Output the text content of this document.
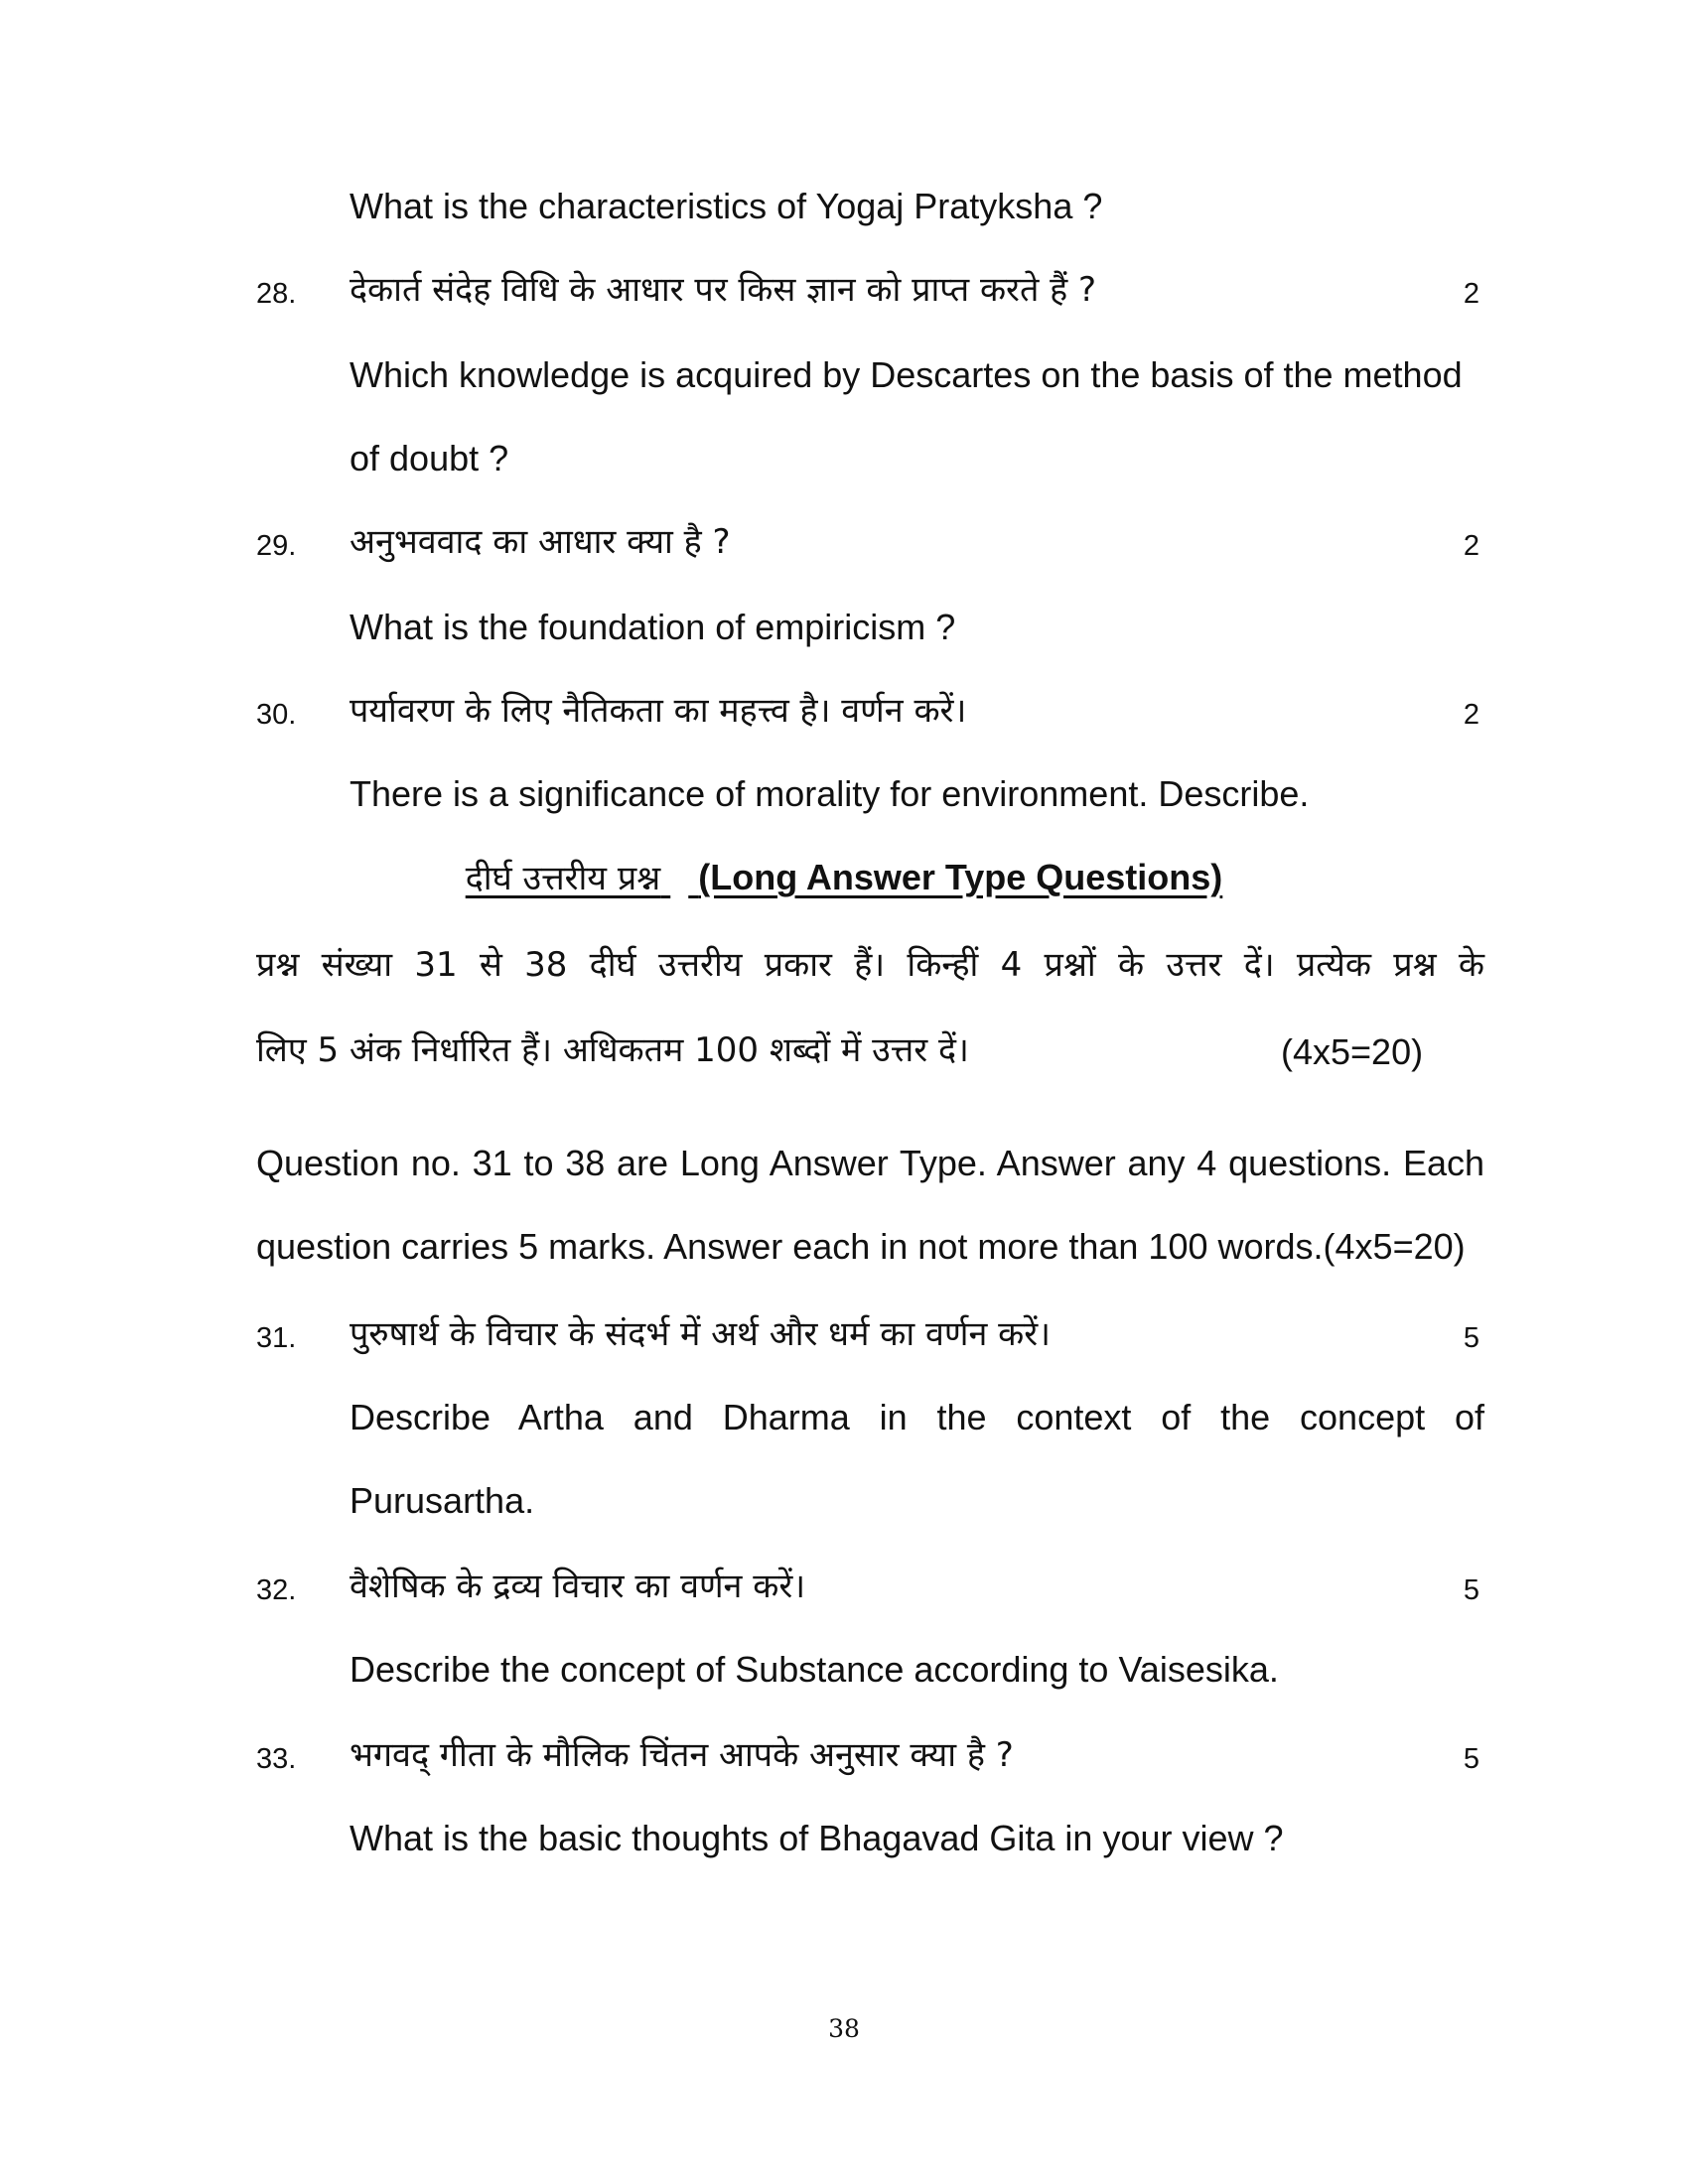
What is the characteristics of Yogaj Pratyksha ?
28. देकार्त संदेह विधि के आधार पर किस ज्ञान को प्राप्त करते हैं ?	2
Which knowledge is acquired by Descartes on the basis of the method
of doubt ?
29. अनुभववाद का आधार क्या है ?	2
What is the foundation of empiricism ?
30. पर्यावरण के लिए नैतिकता का महत्त्व है। वर्णन करें।	2
There is a significance of morality for environment. Describe.
दीर्घ उत्तरीय प्रश्न (Long Answer Type Questions)
प्रश्न संख्या 31 से 38 दीर्घ उत्तरीय प्रकार हैं। किन्हीं 4 प्रश्नों के उत्तर दें। प्रत्येक प्रश्न के
लिए 5 अंक निर्धारित हैं। अधिकतम 100 शब्दों में उत्तर दें।	(4x5=20)
Question no. 31 to 38 are Long Answer Type. Answer any 4 questions. Each
question carries 5 marks. Answer each in not more than 100 words.(4x5=20)
31. पुरुषार्थ के विचार के संदर्भ में अर्थ और धर्म का वर्णन करें।	5
Describe Artha and Dharma in the context of the concept of
Purusartha.
32. वैशेषिक के द्रव्य विचार का वर्णन करें।	5
Describe the concept of Substance according to Vaisesika.
33. भगवद् गीता के मौलिक चिंतन आपके अनुसार क्या है ?	5
What is the basic thoughts of Bhagavad Gita in your view ?
38
